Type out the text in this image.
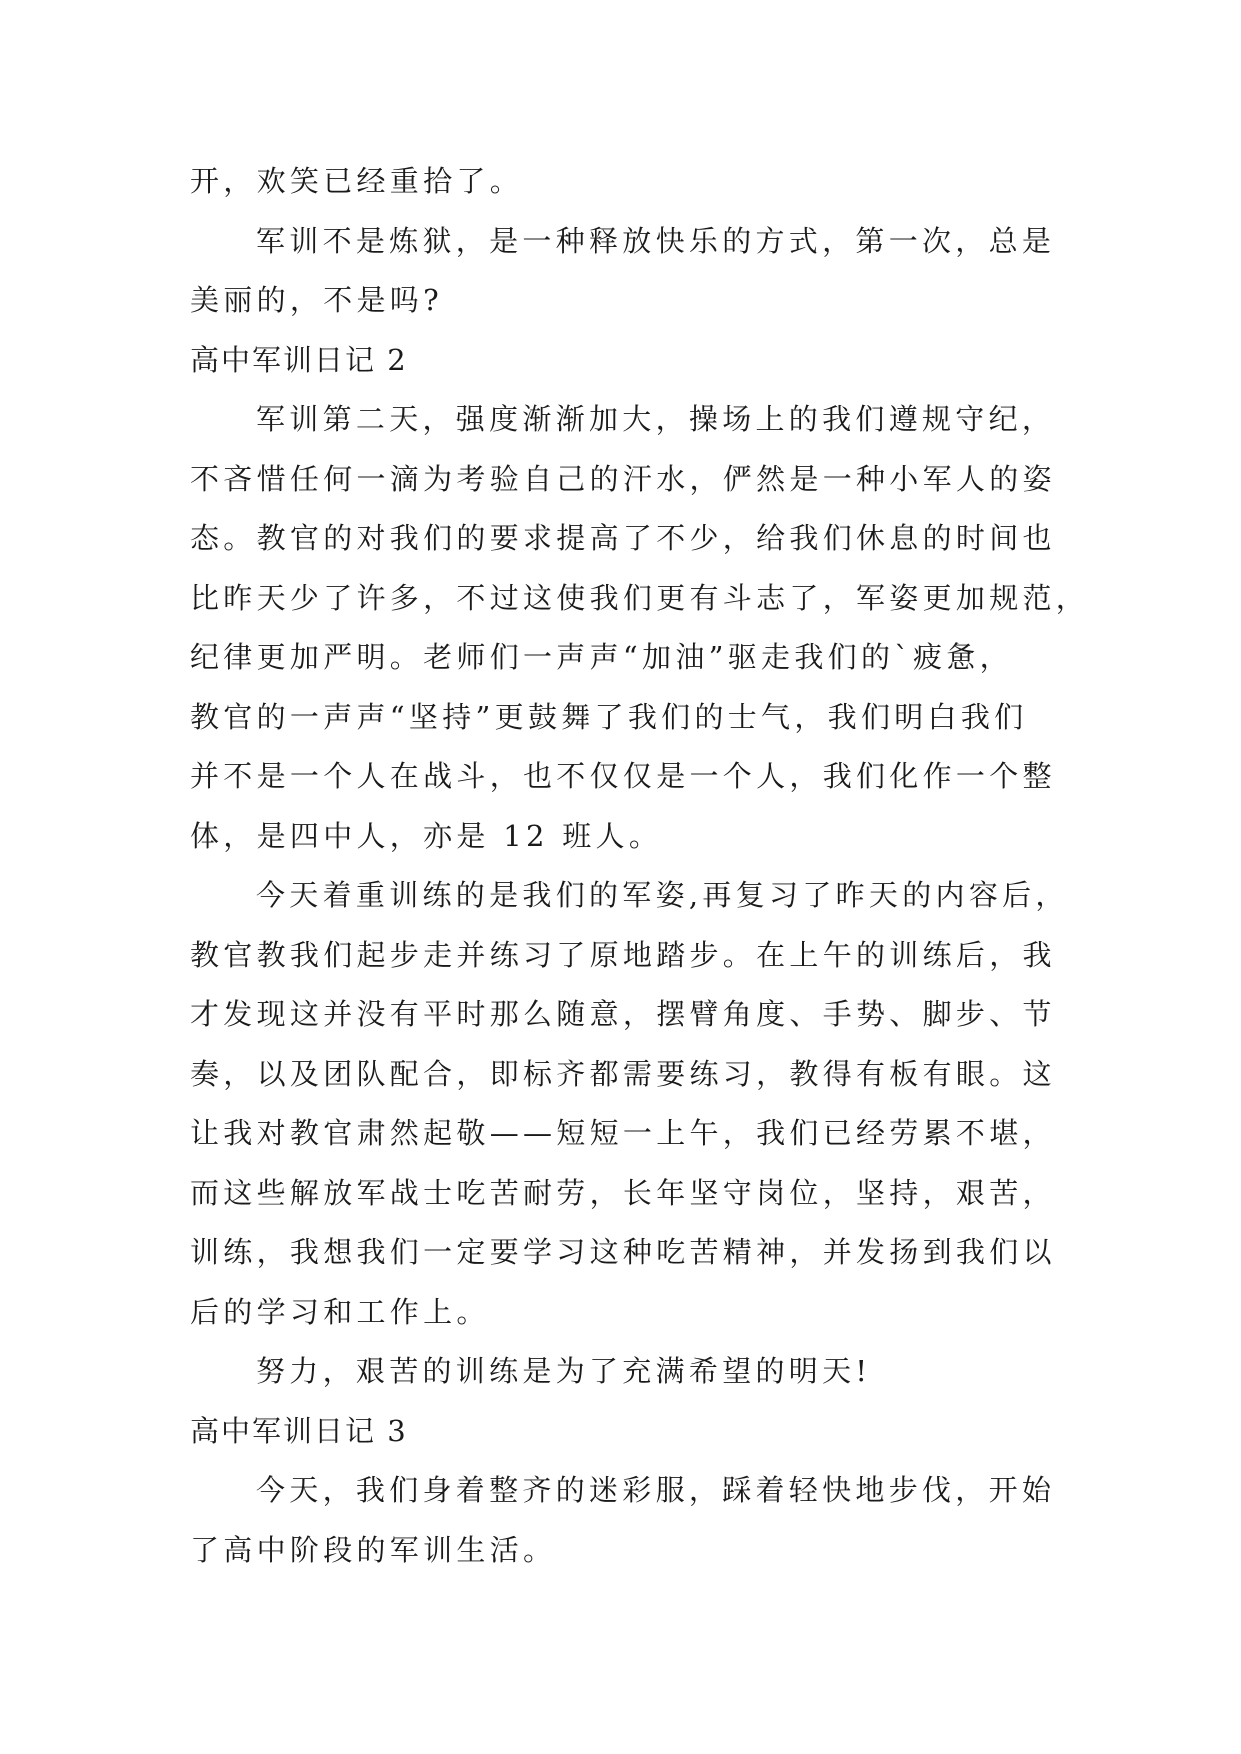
开，欢笑已经重拾了。
军训不是炼狱，是一种释放快乐的方式，第一次，总是
美丽的，不是吗?
高中军训日记 2
军训第二天，强度渐渐加大，操场上的我们遵规守纪，
不吝惜任何一滴为考验自己的汗水，俨然是一种小军人的姿
态。教官的对我们的要求提高了不少，给我们休息的时间也
比昨天少了许多，不过这使我们更有斗志了，军姿更加规范，
纪律更加严明。老师们一声声“加油”驱走我们的`疲惫，
教官的一声声“坚持”更鼓舞了我们的士气，我们明白我们
并不是一个人在战斗，也不仅仅是一个人，我们化作一个整
体，是四中人，亦是 12 班人。
今天着重训练的是我们的军姿,再复习了昨天的内容后，
教官教我们起步走并练习了原地踏步。在上午的训练后，我
才发现这并没有平时那么随意，摆臂角度、手势、脚步、节
奏，以及团队配合，即标齐都需要练习，教得有板有眼。这
让我对教官肃然起敬——短短一上午，我们已经劳累不堪，
而这些解放军战士吃苦耐劳，长年坚守岗位，坚持，艰苦，
训练，我想我们一定要学习这种吃苦精神，并发扬到我们以
后的学习和工作上。
努力，艰苦的训练是为了充满希望的明天!
高中军训日记 3
今天，我们身着整齐的迷彩服，踩着轻快地步伐，开始
了高中阶段的军训生活。
